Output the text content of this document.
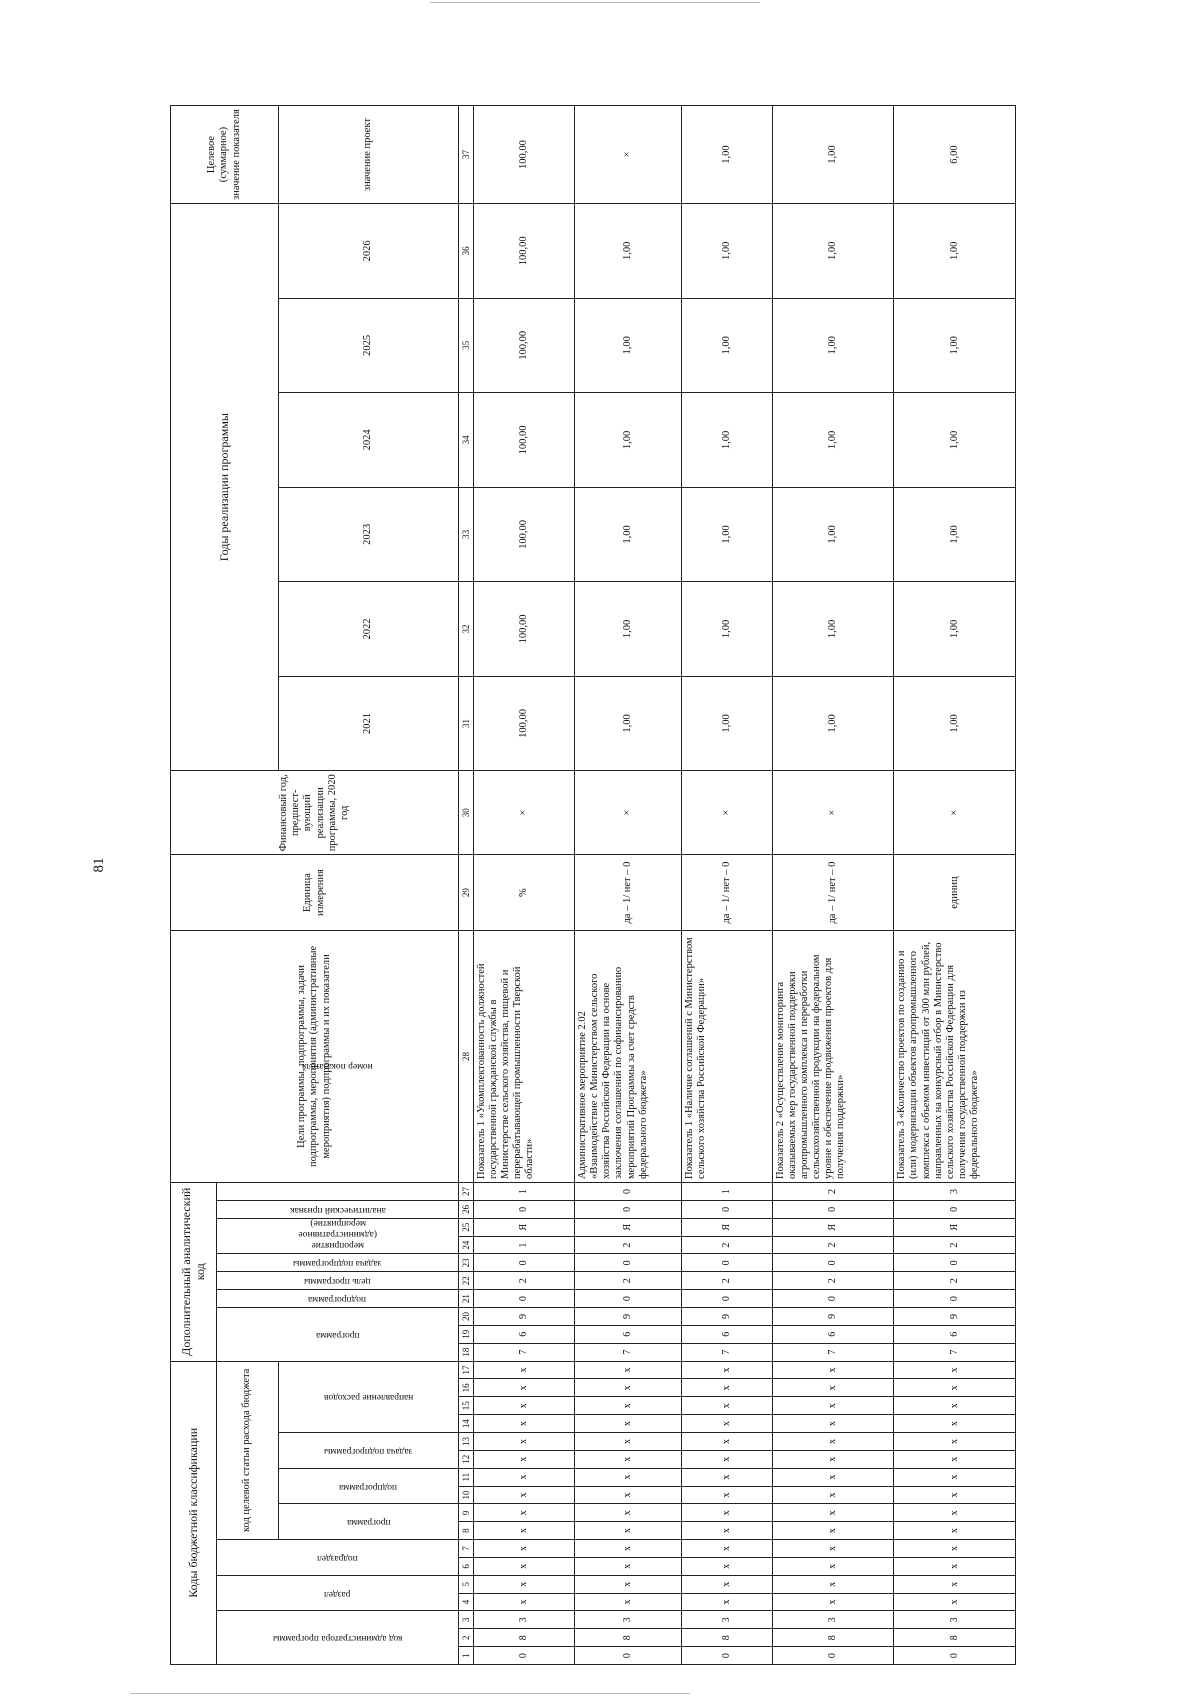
81
Коды бюджетной классификации																	Дополнительный аналитический код										Цели программы, подпрограммы, задачи подпрограммы, мероприятия (административные мероприятия) подпрограммы и их показатели	Единица измерения	Финансовый год, предшест-вующий реализации программы, 2020 год	Годы реализации программы						Целевое (суммарное) значение показателя

код администратора программы			раздел		подраздел		код целевой статьи расхода бюджета										программа			подпрограмма	цель программы	задача подпрограммы	мероприятие (административное мероприятие)		аналитический признак	номер показателя										

							программа		подпрограмма		задача подпрограммы		направление расходов																	2021	2022	2023	2024	2025	2026	значение проект
1	2	3	4	5	6	7	8	9	10	11	12	13	14	15	16	17	18	19	20	21	22	23	24	25	26	27	28	29	30	31	32	33	34	35	36	37
0	8	3	x	x	x	x	x	x	x	x	x	x	x	x	x	x	7	6	9	0	2	0	1	Я	0	1	Показатель 1 «Укомплектованность должностей государственной гражданской службы в Министерстве сельского хозяйства, пищевой и перерабатывающей промышленности Тверской области»	%	×	100,00	100,00	100,00	100,00	100,00	100,00	100,00
0	8	3	x	x	x	x	x	x	x	x	x	x	x	x	x	x	7	6	9	0	2	0	2	Я	0	0	Административное мероприятие 2.02 «Взаимодействие с Министерством сельского хозяйства Российской Федерации на основе заключения соглашений по софинансированию мероприятий Программы за счет средств федерального бюджета»	да – 1/ нет – 0	×	1,00	1,00	1,00	1,00	1,00	1,00	×
0	8	3	x	x	x	x	x	x	x	x	x	x	x	x	x	x	7	6	9	0	2	0	2	Я	0	1	Показатель 1 «Наличие соглашений с Министерством сельского хозяйства Российской Федерации»	да – 1/ нет – 0	×	1,00	1,00	1,00	1,00	1,00	1,00	1,00
0	8	3	x	x	x	x	x	x	x	x	x	x	x	x	x	x	7	6	9	0	2	0	2	Я	0	2	Показатель 2 «Осуществление мониторинга оказываемых мер государственной поддержки агропромышленного комплекса и переработки сельскохозяйственной продукции на федеральном уровне и обеспечение продвижения проектов для получения поддержки»	да – 1/ нет – 0	×	1,00	1,00	1,00	1,00	1,00	1,00	1,00
0	8	3	x	x	x	x	x	x	x	x	x	x	x	x	x	x	7	6	9	0	2	0	2	Я	0	3	Показатель 3 «Количество проектов по созданию и (или) модернизации объектов агропромышленного комплекса с объемом инвестиций от 300 млн рублей, направленных на конкурсный отбор в Министерство сельского хозяйства Российской Федерации для получения государственной поддержки из федерального бюджета»	единиц	×	1,00	1,00	1,00	1,00	1,00	1,00	6,00
